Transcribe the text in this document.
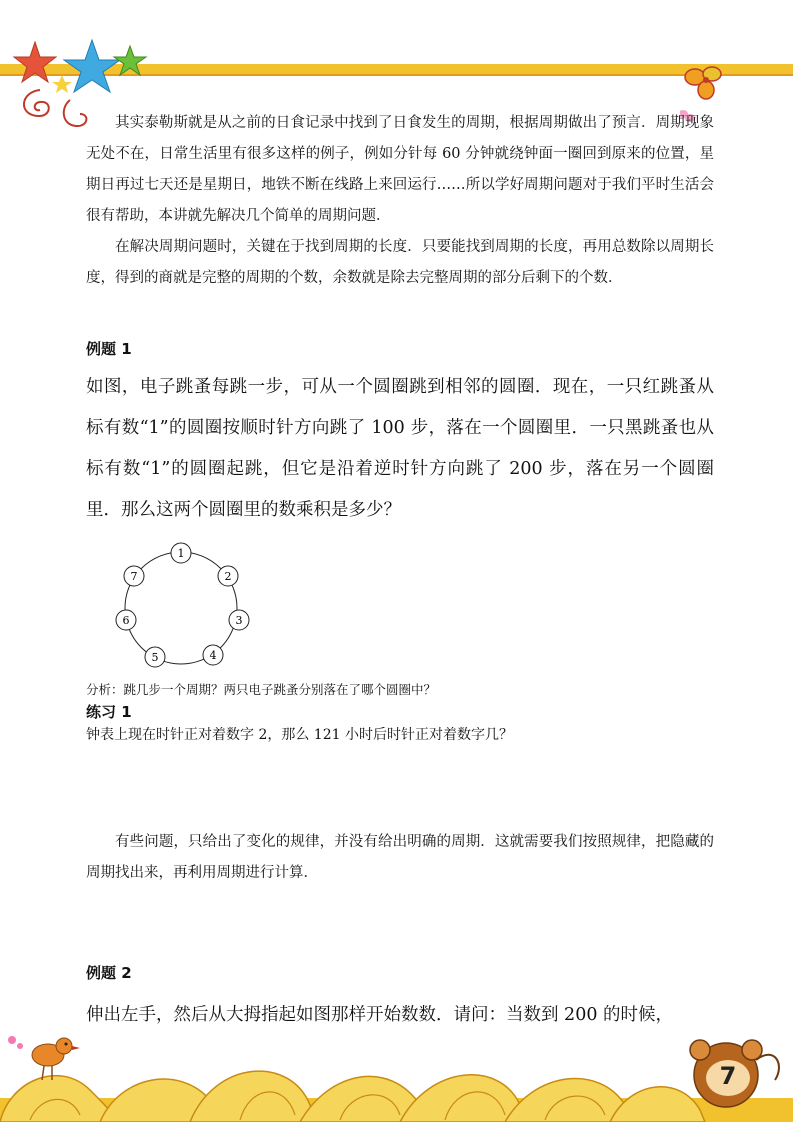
其实泰勒斯就是从之前的日食记录中找到了日食发生的周期，根据周期做出了预言．周期现象无处不在，日常生活里有很多这样的例子，例如分针每 60 分钟就绕钟面一圈回到原来的位置，星期日再过七天还是星期日，地铁不断在线路上来回运行……所以学好周期问题对于我们平时生活会很有帮助，本讲就先解决几个简单的周期问题．

在解决周期问题时，关键在于找到周期的长度．只要能找到周期的长度，再用总数除以周期长度，得到的商就是完整的周期的个数，余数就是除去完整周期的部分后剩下的个数．

例题 1

如图，电子跳蚤每跳一步，可从一个圆圈跳到相邻的圆圈．现在，一只红跳蚤从标有数“1”的圆圈按顺时针方向跳了 100 步，落在一个圆圈里．一只黑跳蚤也从标有数“1”的圆圈起跳，但它是沿着逆时针方向跳了 200 步，落在另一个圆圈里．那么这两个圆圈里的数乘积是多少？

1
2
3
4
5
6
7

分析：跳几步一个周期？两只电子跳蚤分别落在了哪个圆圈中？

练习 1

钟表上现在时针正对着数字 2，那么 121 小时后时针正对着数字几？

有些问题，只给出了变化的规律，并没有给出明确的周期．这就需要我们按照规律，把隐藏的周期找出来，再利用周期进行计算．

例题 2

伸出左手，然后从大拇指起如图那样开始数数．请问：当数到 200 的时候，

7
